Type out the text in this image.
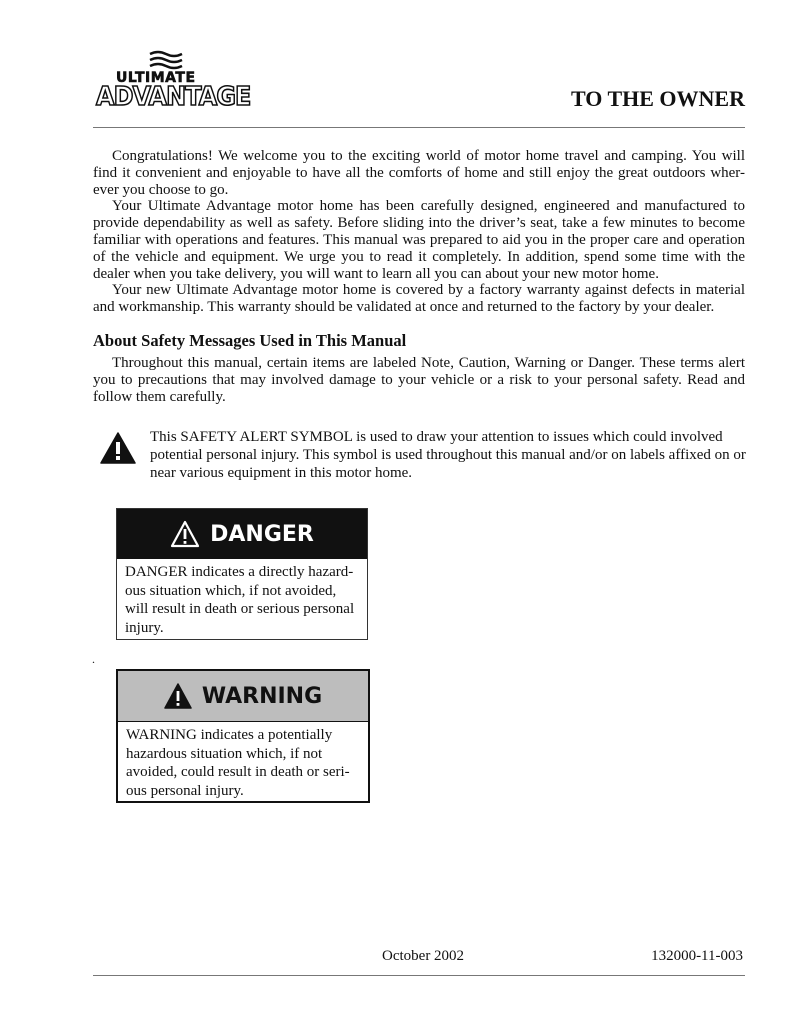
ULTIMATE
ADVANTAGE	TO THE OWNER

Congratulations! We welcome you to the exciting world of motor home travel and camping. You will find it convenient and enjoyable to have all the comforts of home and still enjoy the great outdoors wher-ever you choose to go.

Your Ultimate Advantage motor home has been carefully designed, engineered and manufactured to provide dependability as well as safety. Before sliding into the driver’s seat, take a few minutes to become familiar with operations and features. This manual was prepared to aid you in the proper care and operation of the vehicle and equipment. We urge you to read it completely. In addition, spend some time with the dealer when you take delivery, you will want to learn all you can about your new motor home.

Your new Ultimate Advantage motor home is covered by a factory warranty against defects in material and workmanship. This warranty should be validated at once and returned to the factory by your dealer.

About Safety Messages Used in This Manual

Throughout this manual, certain items are labeled Note, Caution, Warning or Danger. These terms alert you to precautions that may involved damage to your vehicle or a risk to your personal safety. Read and follow them carefully.

This SAFETY ALERT SYMBOL is used to draw your attention to issues which could involved potential personal injury. This symbol is used throughout this manual and/or on labels affixed on or near various equipment in this motor home.

DANGER

DANGER indicates a directly hazard-ous situation which, if not avoided, will result in death or serious personal injury.

.
WARNING

WARNING indicates a potentially hazardous situation which, if not avoided, could result in death or seri-ous personal injury.

October 2002	132000-11-003
